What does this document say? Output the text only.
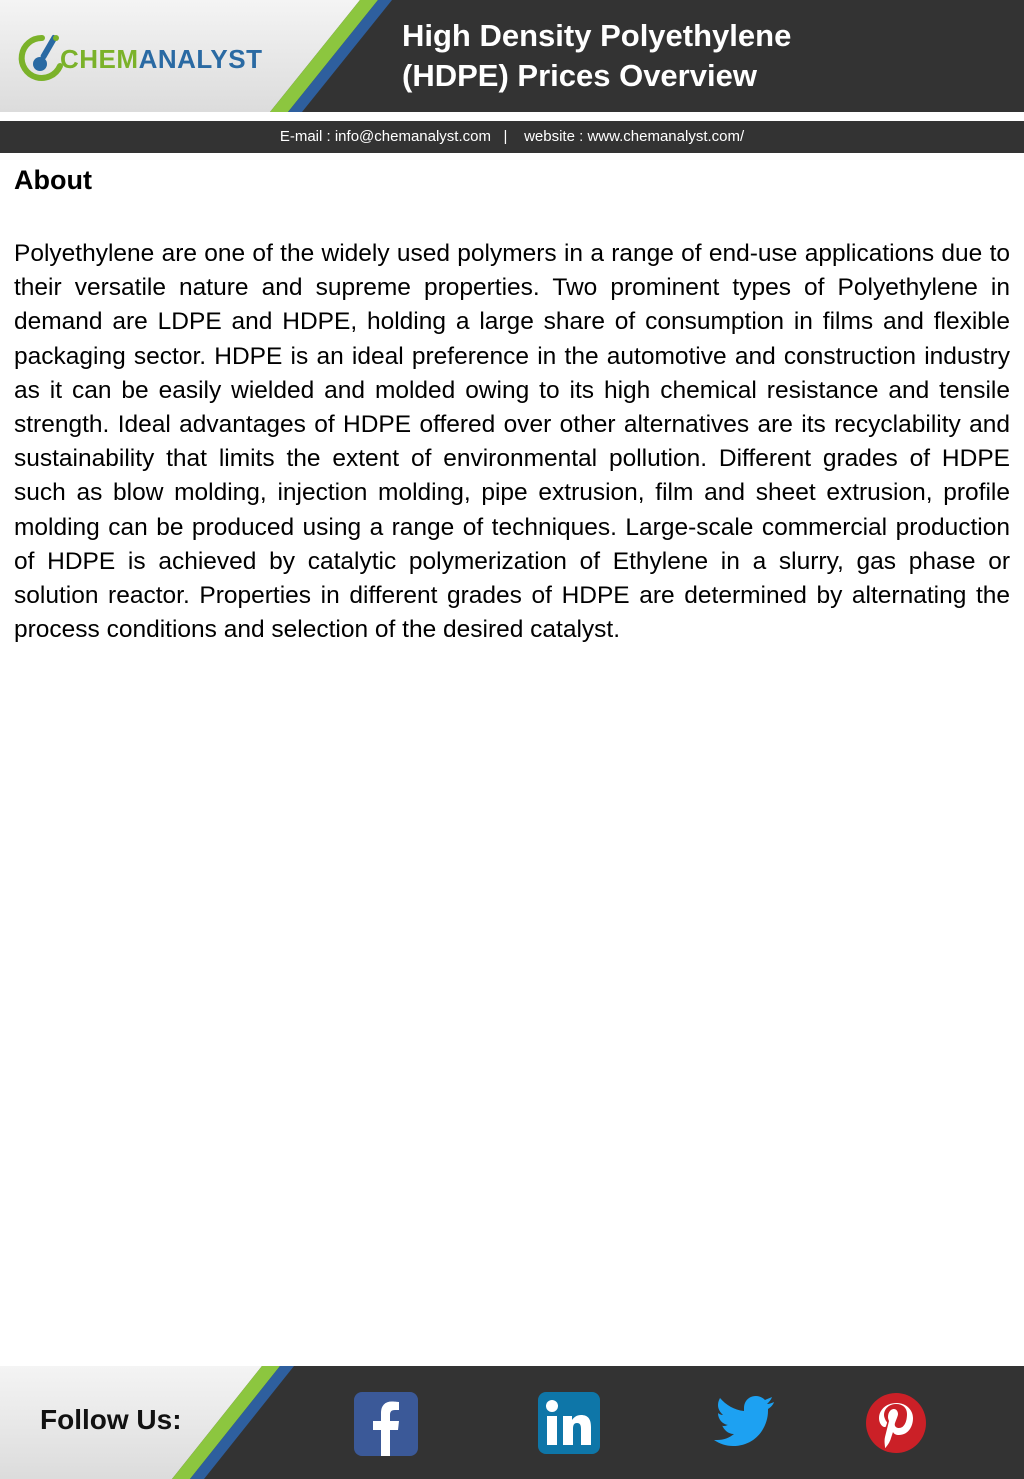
CHEMANALYST
High Density Polyethylene
(HDPE) Prices Overview
E-mail : info@chemanalyst.com | website : www.chemanalyst.com/
About

Polyethylene are one of the widely used polymers in a range of end-use applications due to their versatile nature and supreme properties. Two prominent types of Polyethylene in demand are LDPE and HDPE, holding a large share of consumption in films and flexible packaging sector. HDPE is an ideal preference in the automotive and construction industry as it can be easily wielded and molded owing to its high chemical resistance and tensile strength. Ideal advantages of HDPE offered over other alternatives are its recyclability and sustainability that limits the extent of environmental pollution. Different grades of HDPE such as blow molding, injection molding, pipe extrusion, film and sheet extrusion, profile molding can be produced using a range of techniques. Large-scale commercial production of HDPE is achieved by catalytic polymerization of Ethylene in a slurry, gas phase or solution reactor. Properties in different grades of HDPE are determined by alternating the process conditions and selection of the desired catalyst.

Follow Us:
